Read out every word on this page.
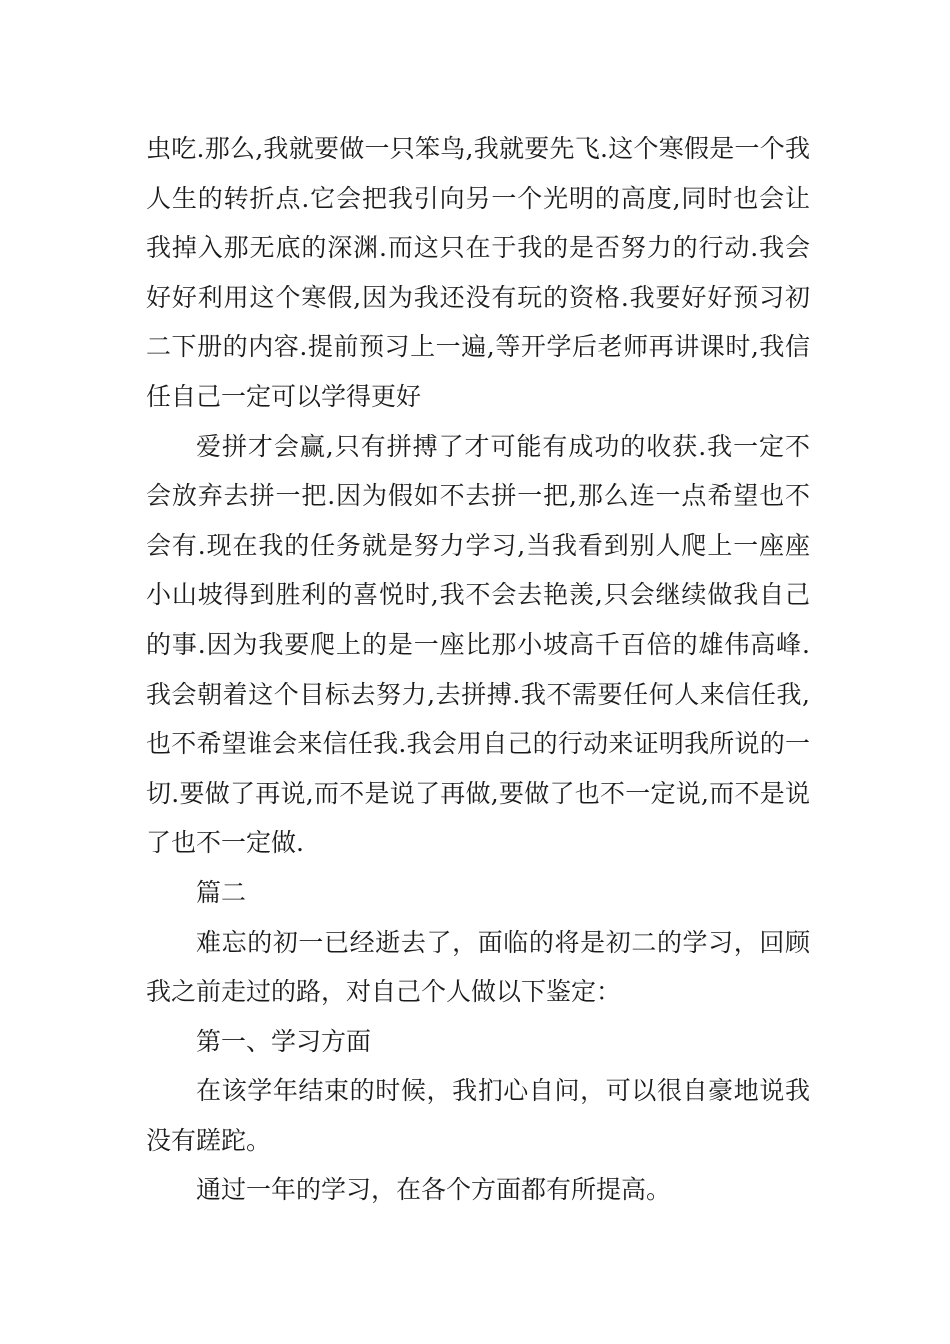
虫吃.那么,我就要做一只笨鸟,我就要先飞.这个寒假是一个我人生的转折点.它会把我引向另一个光明的高度,同时也会让我掉入那无底的深渊.而这只在于我的是否努力的行动.我会好好利用这个寒假,因为我还没有玩的资格.我要好好预习初二下册的内容.提前预习上一遍,等开学后老师再讲课时,我信任自己一定可以学得更好

爱拼才会赢,只有拼搏了才可能有成功的收获.我一定不会放弃去拼一把.因为假如不去拼一把,那么连一点希望也不会有.现在我的任务就是努力学习,当我看到别人爬上一座座小山坡得到胜利的喜悦时,我不会去艳羡,只会继续做我自己的事.因为我要爬上的是一座比那小坡高千百倍的雄伟高峰.我会朝着这个目标去努力,去拼搏.我不需要任何人来信任我,也不希望谁会来信任我.我会用自己的行动来证明我所说的一切.要做了再说,而不是说了再做,要做了也不一定说,而不是说了也不一定做.

篇二

难忘的初一已经逝去了，面临的将是初二的学习，回顾我之前走过的路，对自己个人做以下鉴定：

第一、学习方面

在该学年结束的时候，我扪心自问，可以很自豪地说我没有蹉跎。

通过一年的学习，在各个方面都有所提高。
